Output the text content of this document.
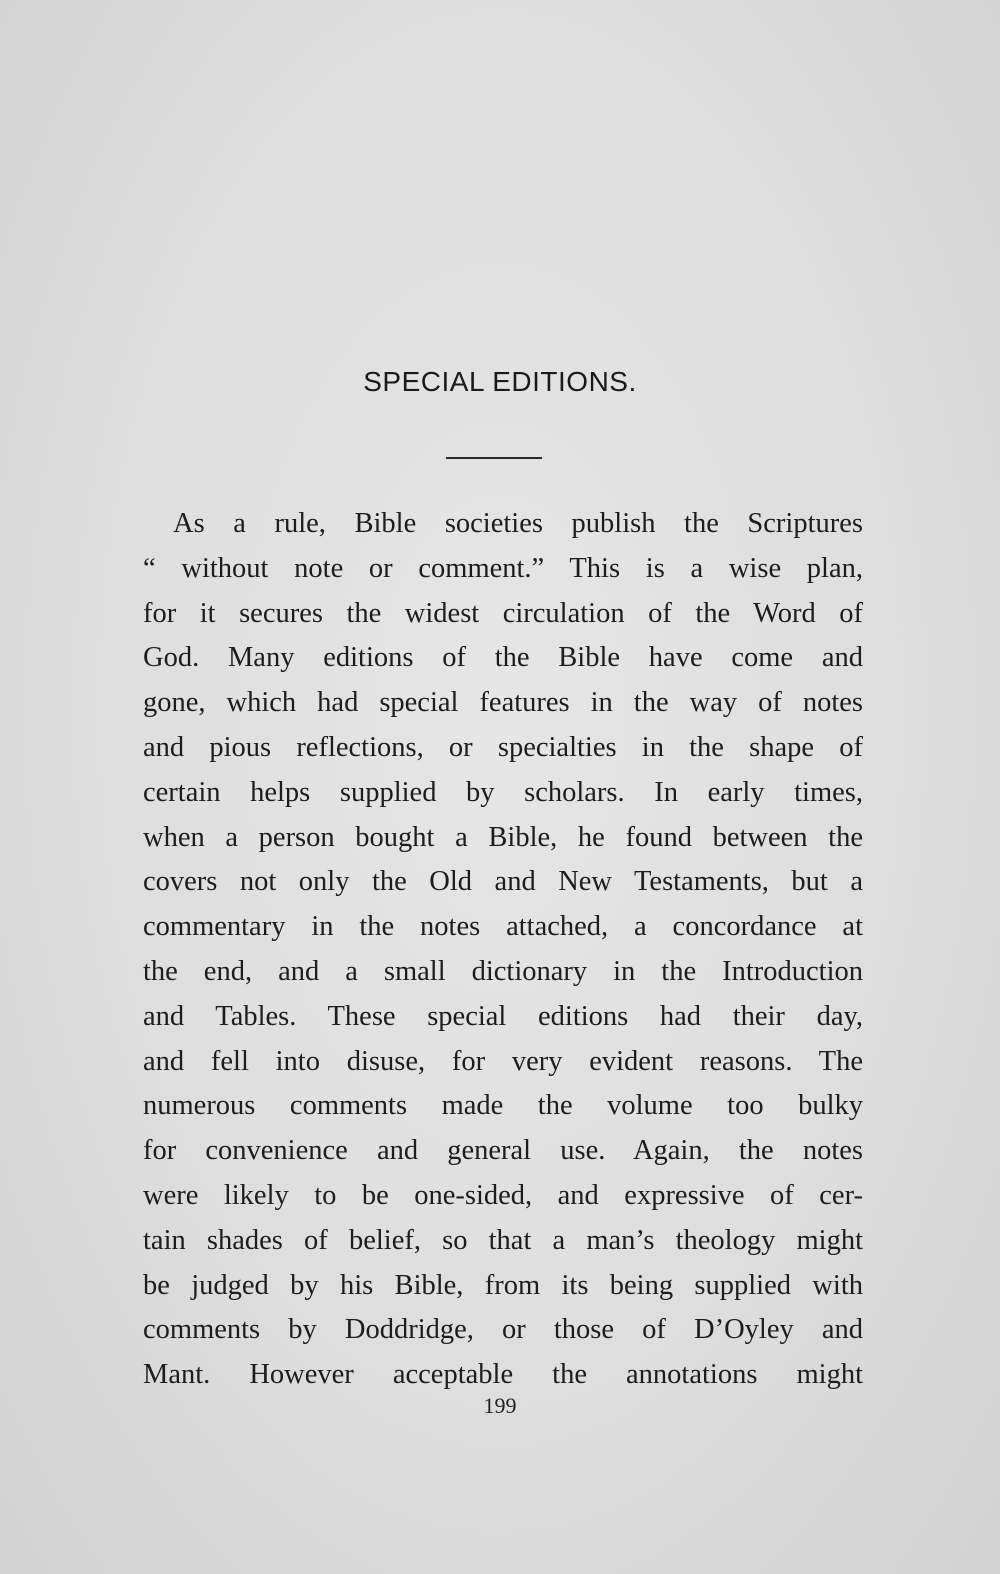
SPECIAL EDITIONS.
As a rule, Bible societies publish the Scriptures
“ without note or comment.” This is a wise plan,
for it secures the widest circulation of the Word of
God. Many editions of the Bible have come and
gone, which had special features in the way of notes
and pious reflections, or specialties in the shape of
certain helps supplied by scholars. In early times,
when a person bought a Bible, he found between the
covers not only the Old and New Testaments, but a
commentary in the notes attached, a concordance at
the end, and a small dictionary in the Introduction
and Tables. These special editions had their day,
and fell into disuse, for very evident reasons. The
numerous comments made the volume too bulky
for convenience and general use. Again, the notes
were likely to be one-sided, and expressive of cer-
tain shades of belief, so that a man’s theology might
be judged by his Bible, from its being supplied with
comments by Doddridge, or those of D’Oyley and
Mant. However acceptable the annotations might
199
